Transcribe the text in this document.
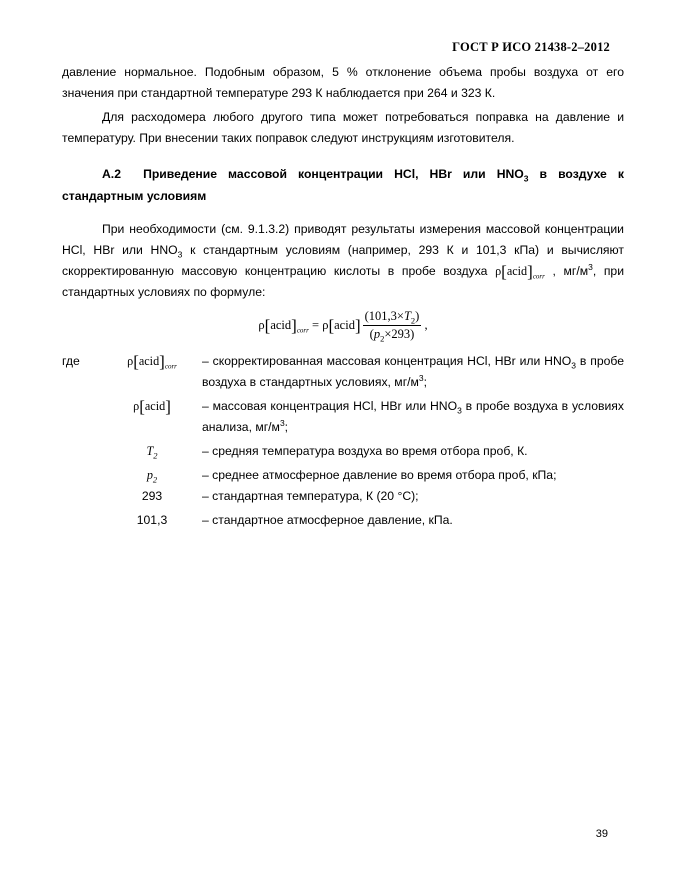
ГОСТ Р ИСО 21438-2–2012

давление нормальное. Подобным образом, 5 % отклонение объема пробы воздуха от его значения при стандартной температуре 293 К наблюдается при 264 и 323 К.

Для расходомера любого другого типа может потребоваться поправка на давление и температуру. При внесении таких поправок следуют инструкциям изготовителя.

А.2 Приведение массовой концентрации HCl, HBr или $HNO_3$ в воздухе к стандартным условиям

При необходимости (см. 9.1.3.2) приводят результаты измерения массовой концентрации HCl, HBr или $HNO_3$ к стандартным условиям (например, 293 К и 101,3 кПа) и вычисляют скорректированную массовую концентрацию кислоты в пробе воздуха $\rho[acid]_{corr}$ , $мг/м^3$, при стандартных условиях по формуле:

$\rho[acid]_{corr}$
=
ρ[acid] $\frac{(101,3\times T_2)}{(p_2\times 293)}$
,
где	$\rho[acid]_{corr}$	– скорректированная массовая концентрация HCl, HBr или $HNO_3$ в пробе воздуха в стандартных условиях, $мг/м^3$;
ρ[acid]	– массовая концентрация HCl, HBr или $HNO_3$ в пробе воздуха в условиях анализа, $мг/м^3$;
$T_2$	– средняя температура воздуха во время отбора проб, К.
$p_2$	– среднее атмосферное давление во время отбора проб, кПа;
293	– стандартная температура, К (20 °С);
101,3	– стандартное атмосферное давление, кПа.
39
